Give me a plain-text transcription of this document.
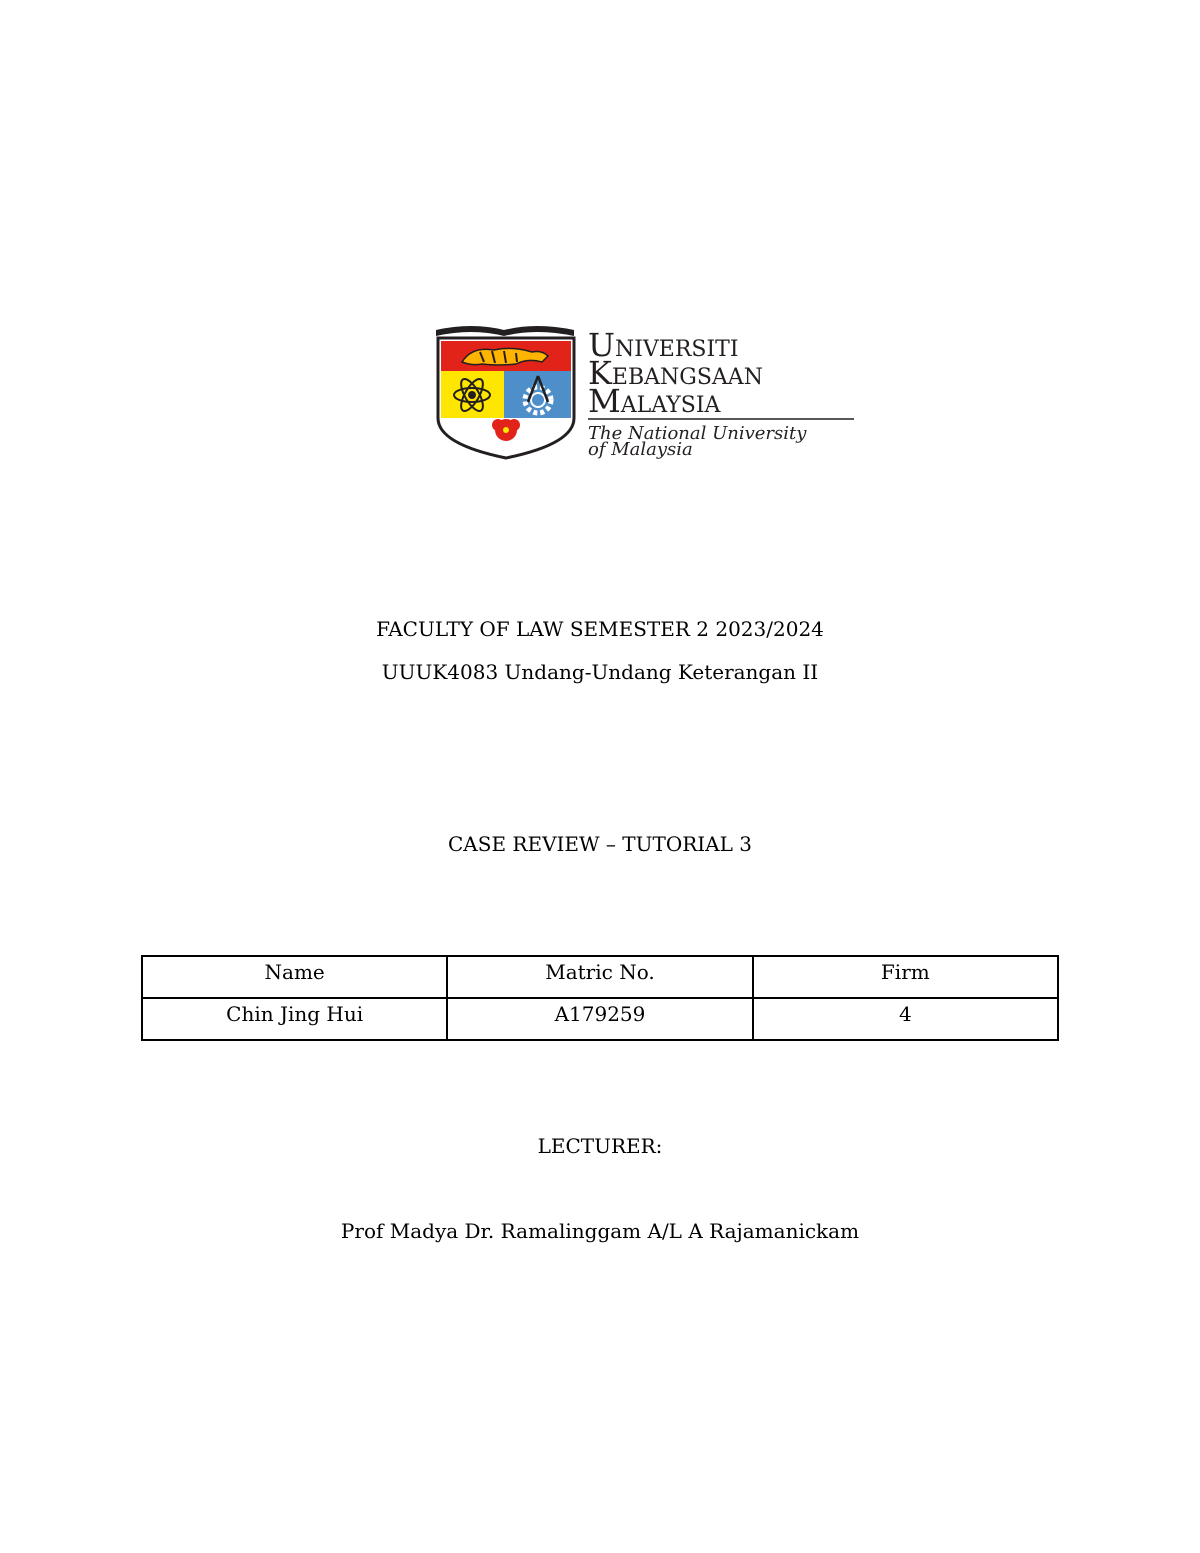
UNIVERSITI
KEBANGSAAN
MALAYSIA
The National University
of Malaysia
FACULTY OF LAW SEMESTER 2 2023/2024
UUUK4083 Undang-Undang Keterangan II
CASE REVIEW – TUTORIAL 3
Name	Matric No.	Firm
Chin Jing Hui	A179259	4
LECTURER:
Prof Madya Dr. Ramalinggam A/L A Rajamanickam
